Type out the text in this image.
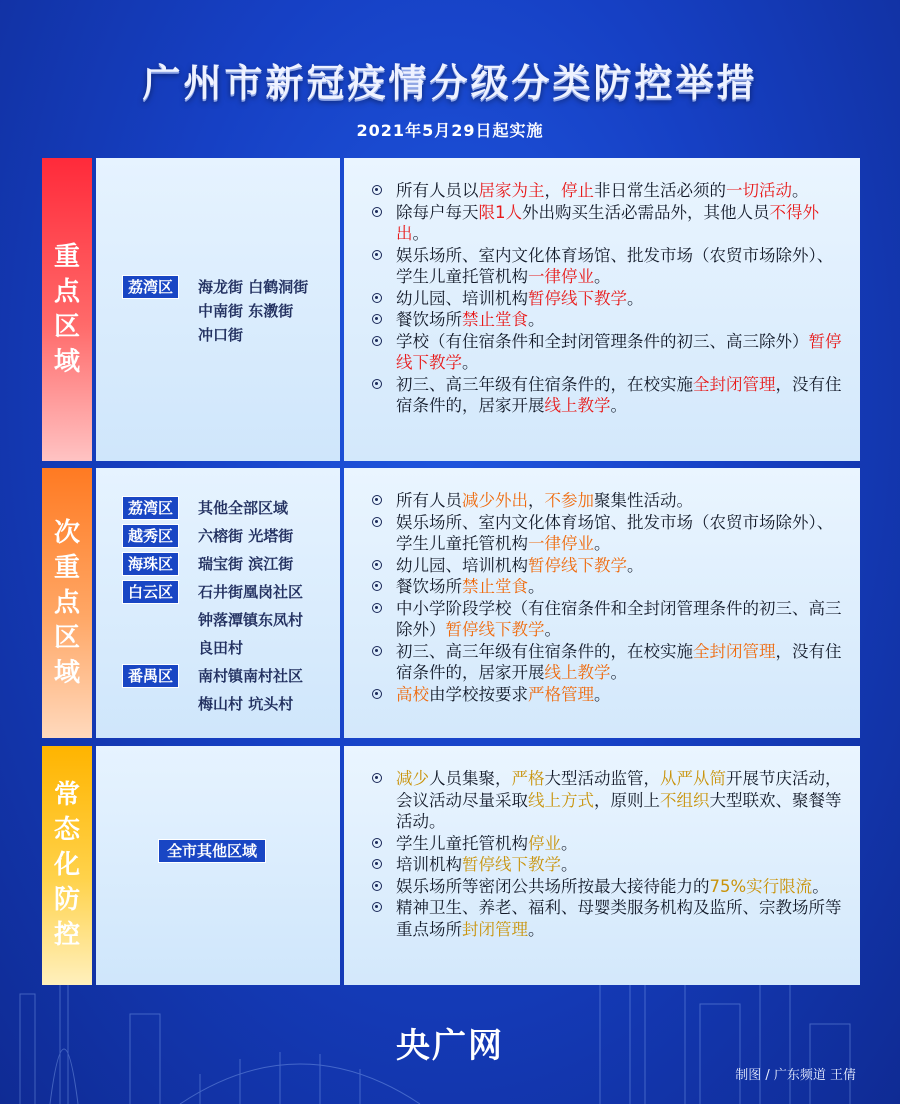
广州市新冠疫情分级分类防控举措
2021年5月29日起实施
重
点
区
域
荔湾区	海龙街 白鹤洞街
中南街 东漖街
冲口街
所有人员以居家为主，停止非日常生活必须的一切活动。
除每户每天限1人外出购买生活必需品外，其他人员不得外出。
娱乐场所、室内文化体育场馆、批发市场（农贸市场除外）、学生儿童托管机构一律停业。
幼儿园、培训机构暂停线下教学。
餐饮场所禁止堂食。
学校（有住宿条件和全封闭管理条件的初三、高三除外）暂停线下教学。
初三、高三年级有住宿条件的，在校实施全封闭管理，没有住宿条件的，居家开展线上教学。
次
重
点
区
域
荔湾区	其他全部区域
越秀区	六榕街 光塔街
海珠区	瑞宝街 滨江街
白云区	石井街凰岗社区
钟落潭镇东凤村
良田村
番禺区	南村镇南村社区
梅山村 坑头村
所有人员减少外出，不参加聚集性活动。
娱乐场所、室内文化体育场馆、批发市场（农贸市场除外）、学生儿童托管机构一律停业。
幼儿园、培训机构暂停线下教学。
餐饮场所禁止堂食。
中小学阶段学校（有住宿条件和全封闭管理条件的初三、高三除外）暂停线下教学。
初三、高三年级有住宿条件的，在校实施全封闭管理，没有住宿条件的，居家开展线上教学。
高校由学校按要求严格管理。
常
态
化
防
控
全市其他区域
减少人员集聚，严格大型活动监管，从严从简开展节庆活动，会议活动尽量采取线上方式，原则上不组织大型联欢、聚餐等活动。
学生儿童托管机构停业。
培训机构暂停线下教学。
娱乐场所等密闭公共场所按最大接待能力的75%实行限流。
精神卫生、养老、福利、母婴类服务机构及监所、宗教场所等重点场所封闭管理。
央广网
制图 / 广东频道 王倩
